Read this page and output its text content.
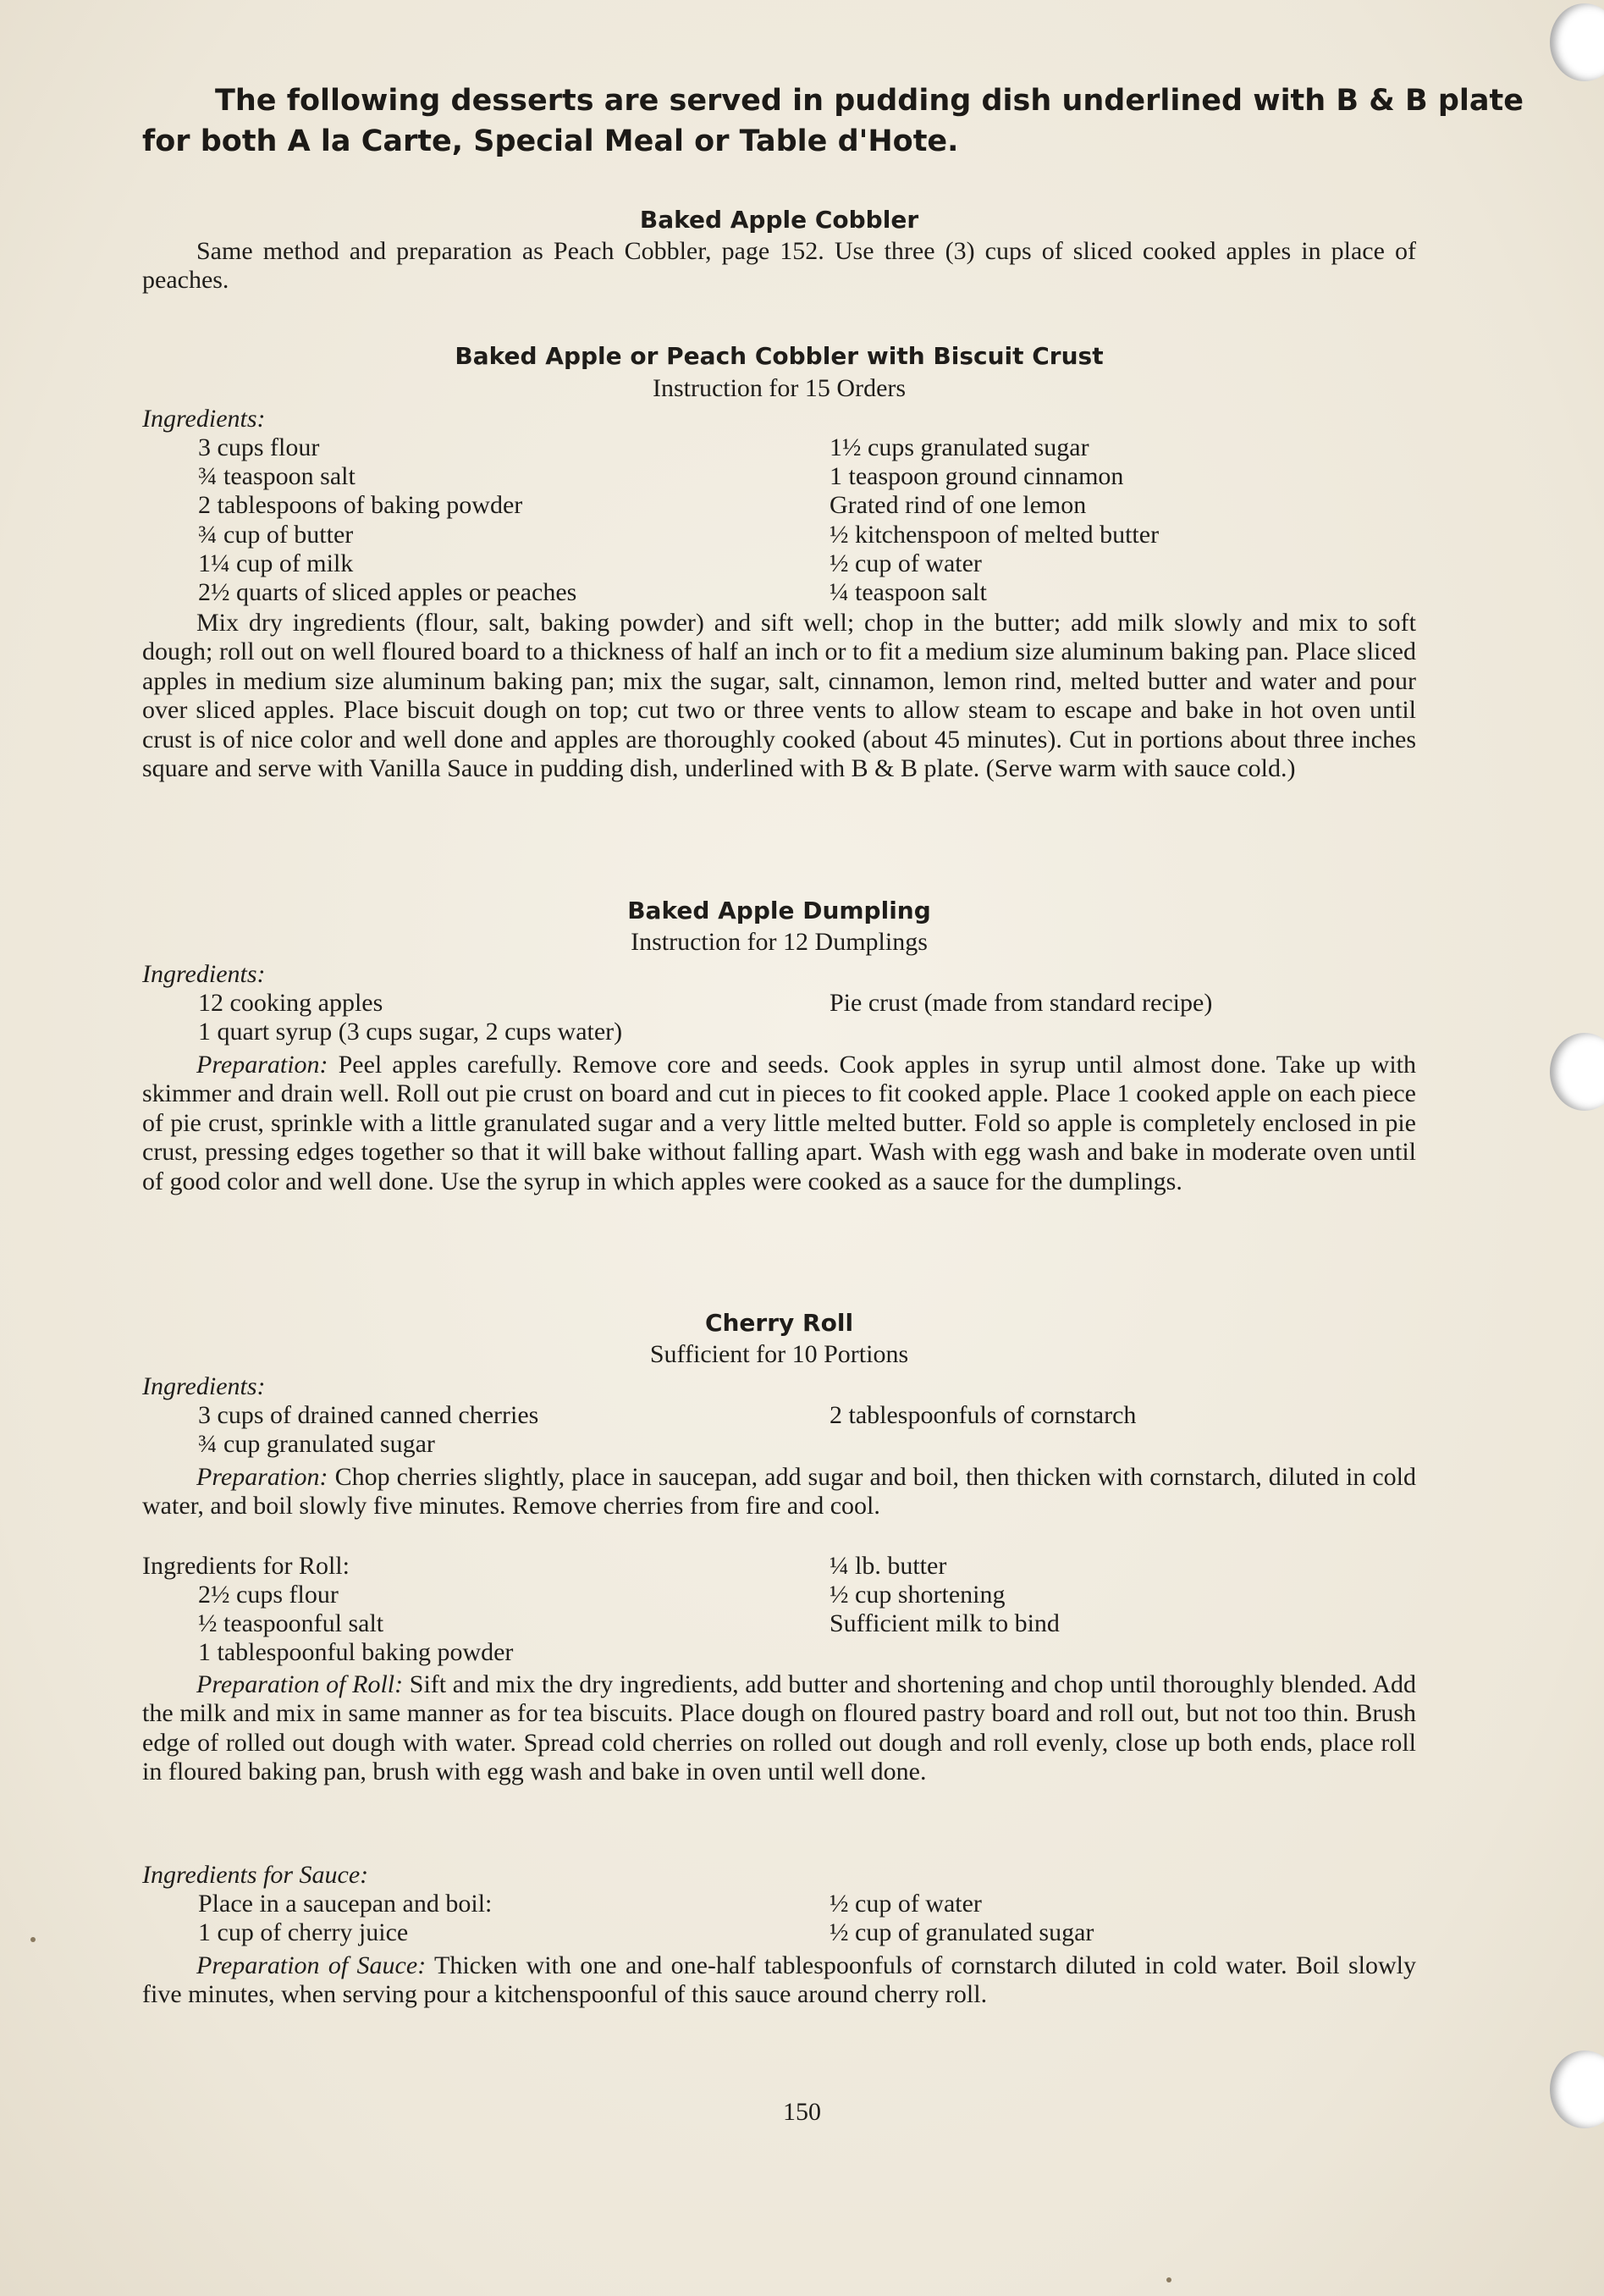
The following desserts are served in pudding dish underlined with B & B plate
for both A la Carte, Special Meal or Table d'Hote.
Baked Apple Cobbler
Same method and preparation as Peach Cobbler, page 152. Use three (3) cups of sliced cooked apples in place of peaches.
Baked Apple or Peach Cobbler with Biscuit Crust
Instruction for 15 Orders
Ingredients:
3 cups flour
¾ teaspoon salt
2 tablespoons of baking powder
¾ cup of butter
1¼ cup of milk
2½ quarts of sliced apples or peaches
1½ cups granulated sugar
1 teaspoon ground cinnamon
Grated rind of one lemon
½ kitchenspoon of melted butter
½ cup of water
¼ teaspoon salt
Mix dry ingredients (flour, salt, baking powder) and sift well; chop in the butter; add milk slowly and mix to soft dough; roll out on well floured board to a thickness of half an inch or to fit a medium size aluminum baking pan. Place sliced apples in medium size aluminum baking pan; mix the sugar, salt, cinnamon, lemon rind, melted butter and water and pour over sliced apples. Place biscuit dough on top; cut two or three vents to allow steam to escape and bake in hot oven until crust is of nice color and well done and apples are thoroughly cooked (about 45 minutes). Cut in portions about three inches square and serve with Vanilla Sauce in pudding dish, underlined with B & B plate. (Serve warm with sauce cold.)
Baked Apple Dumpling
Instruction for 12 Dumplings
Ingredients:
12 cooking apples
1 quart syrup (3 cups sugar, 2 cups water)
Pie crust (made from standard recipe)
Preparation: Peel apples carefully. Remove core and seeds. Cook apples in syrup until almost done. Take up with skimmer and drain well. Roll out pie crust on board and cut in pieces to fit cooked apple. Place 1 cooked apple on each piece of pie crust, sprinkle with a little granulated sugar and a very little melted butter. Fold so apple is completely enclosed in pie crust, pressing edges together so that it will bake without falling apart. Wash with egg wash and bake in moderate oven until of good color and well done. Use the syrup in which apples were cooked as a sauce for the dumplings.
Cherry Roll
Sufficient for 10 Portions
Ingredients:
3 cups of drained canned cherries
¾ cup granulated sugar
2 tablespoonfuls of cornstarch
Preparation: Chop cherries slightly, place in saucepan, add sugar and boil, then thicken with cornstarch, diluted in cold water, and boil slowly five minutes. Remove cherries from fire and cool.
Ingredients for Roll:
2½ cups flour
½ teaspoonful salt
1 tablespoonful baking powder
¼ lb. butter
½ cup shortening
Sufficient milk to bind
Preparation of Roll: Sift and mix the dry ingredients, add butter and shortening and chop until thoroughly blended. Add the milk and mix in same manner as for tea biscuits. Place dough on floured pastry board and roll out, but not too thin. Brush edge of rolled out dough with water. Spread cold cherries on rolled out dough and roll evenly, close up both ends, place roll in floured baking pan, brush with egg wash and bake in oven until well done.
Ingredients for Sauce:
Place in a saucepan and boil:
1 cup of cherry juice
½ cup of water
½ cup of granulated sugar
Preparation of Sauce: Thicken with one and one-half tablespoonfuls of cornstarch diluted in cold water. Boil slowly five minutes, when serving pour a kitchenspoonful of this sauce around cherry roll.
150
